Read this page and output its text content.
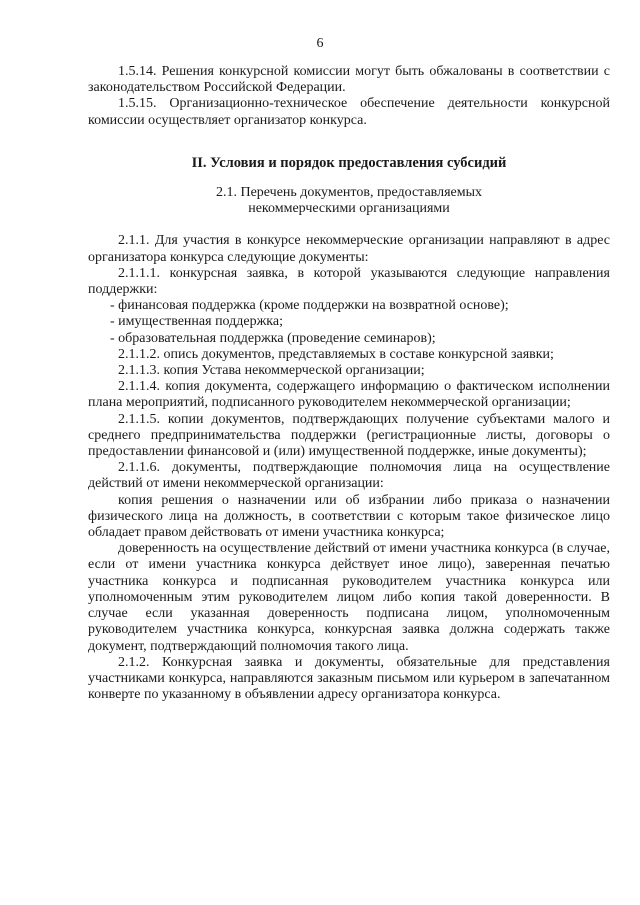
6

1.5.14. Решения конкурсной комиссии могут быть обжалованы в соответствии с законодательством Российской Федерации.

1.5.15. Организационно-техническое обеспечение деятельности конкурсной комиссии осуществляет организатор конкурса.

II. Условия и порядок предоставления субсидий

2.1. Перечень документов, предоставляемых
некоммерческими организациями

2.1.1. Для участия в конкурсе некоммерческие организации направляют в адрес организатора конкурса следующие документы:

2.1.1.1. конкурсная заявка, в которой указываются следующие направления поддержки:

- финансовая поддержка (кроме поддержки на возвратной основе);

- имущественная поддержка;

- образовательная поддержка (проведение семинаров);

2.1.1.2. опись документов, представляемых в составе конкурсной заявки;

2.1.1.3. копия Устава некоммерческой организации;

2.1.1.4. копия документа, содержащего информацию о фактическом исполнении плана мероприятий, подписанного руководителем некоммерческой организации;

2.1.1.5. копии документов, подтверждающих получение субъектами малого и среднего предпринимательства поддержки (регистрационные листы, договоры о предоставлении финансовой и (или) имущественной поддержке, иные документы);

2.1.1.6. документы, подтверждающие полномочия лица на осуществление действий от имени некоммерческой организации:

копия решения о назначении или об избрании либо приказа о назначении физического лица на должность, в соответствии с которым такое физическое лицо обладает правом действовать от имени участника конкурса;

доверенность на осуществление действий от имени участника конкурса (в случае, если от имени участника конкурса действует иное лицо), заверенная печатью участника конкурса и подписанная руководителем участника конкурса или уполномоченным этим руководителем лицом либо копия такой доверенности. В случае если указанная доверенность подписана лицом, уполномоченным руководителем участника конкурса, конкурсная заявка должна содержать также документ, подтверждающий полномочия такого лица.

2.1.2. Конкурсная заявка и документы, обязательные для представления участниками конкурса, направляются заказным письмом или курьером в запечатанном конверте по указанному в объявлении адресу организатора конкурса.
